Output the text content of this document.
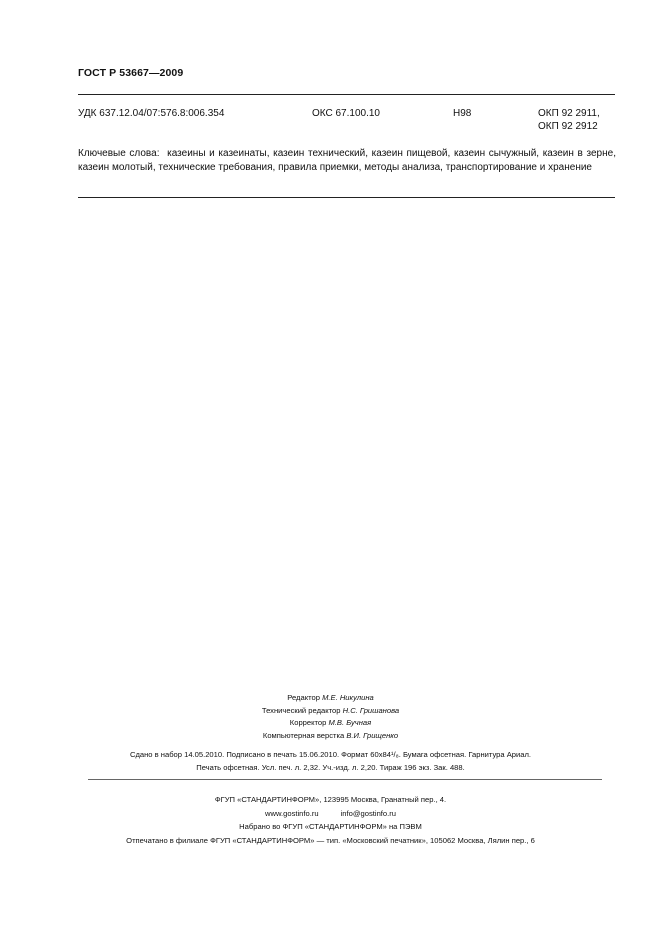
ГОСТ Р 53667—2009
УДК 637.12.04/07:576.8:006.354	ОКС 67.100.10	Н98	ОКП 92 2911,
ОКП 92 2912
Ключевые слова: казеины и казеинаты, казеин технический, казеин пищевой, казеин сычужный, казеин в зерне, казеин молотый, технические требования, правила приемки, методы анализа, транспортирование и хранение
Редактор М.Е. Никулина
Технический редактор Н.С. Гришанова
Корректор М.В. Бучная
Компьютерная верстка В.И. Грищенко
Сдано в набор 14.05.2010. Подписано в печать 15.06.2010. Формат 60х84¹/₈. Бумага офсетная. Гарнитура Ариал.
Печать офсетная. Усл. печ. л. 2,32. Уч.-изд. л. 2,20. Тираж 196 экз. Зак. 488.
ФГУП «СТАНДАРТИНФОРМ», 123995 Москва, Гранатный пер., 4.
www.gostinfo.ru	info@gostinfo.ru
Набрано во ФГУП «СТАНДАРТИНФОРМ» на ПЭВМ
Отпечатано в филиале ФГУП «СТАНДАРТИНФОРМ» — тип. «Московский печатник», 105062 Москва, Лялин пер., 6
